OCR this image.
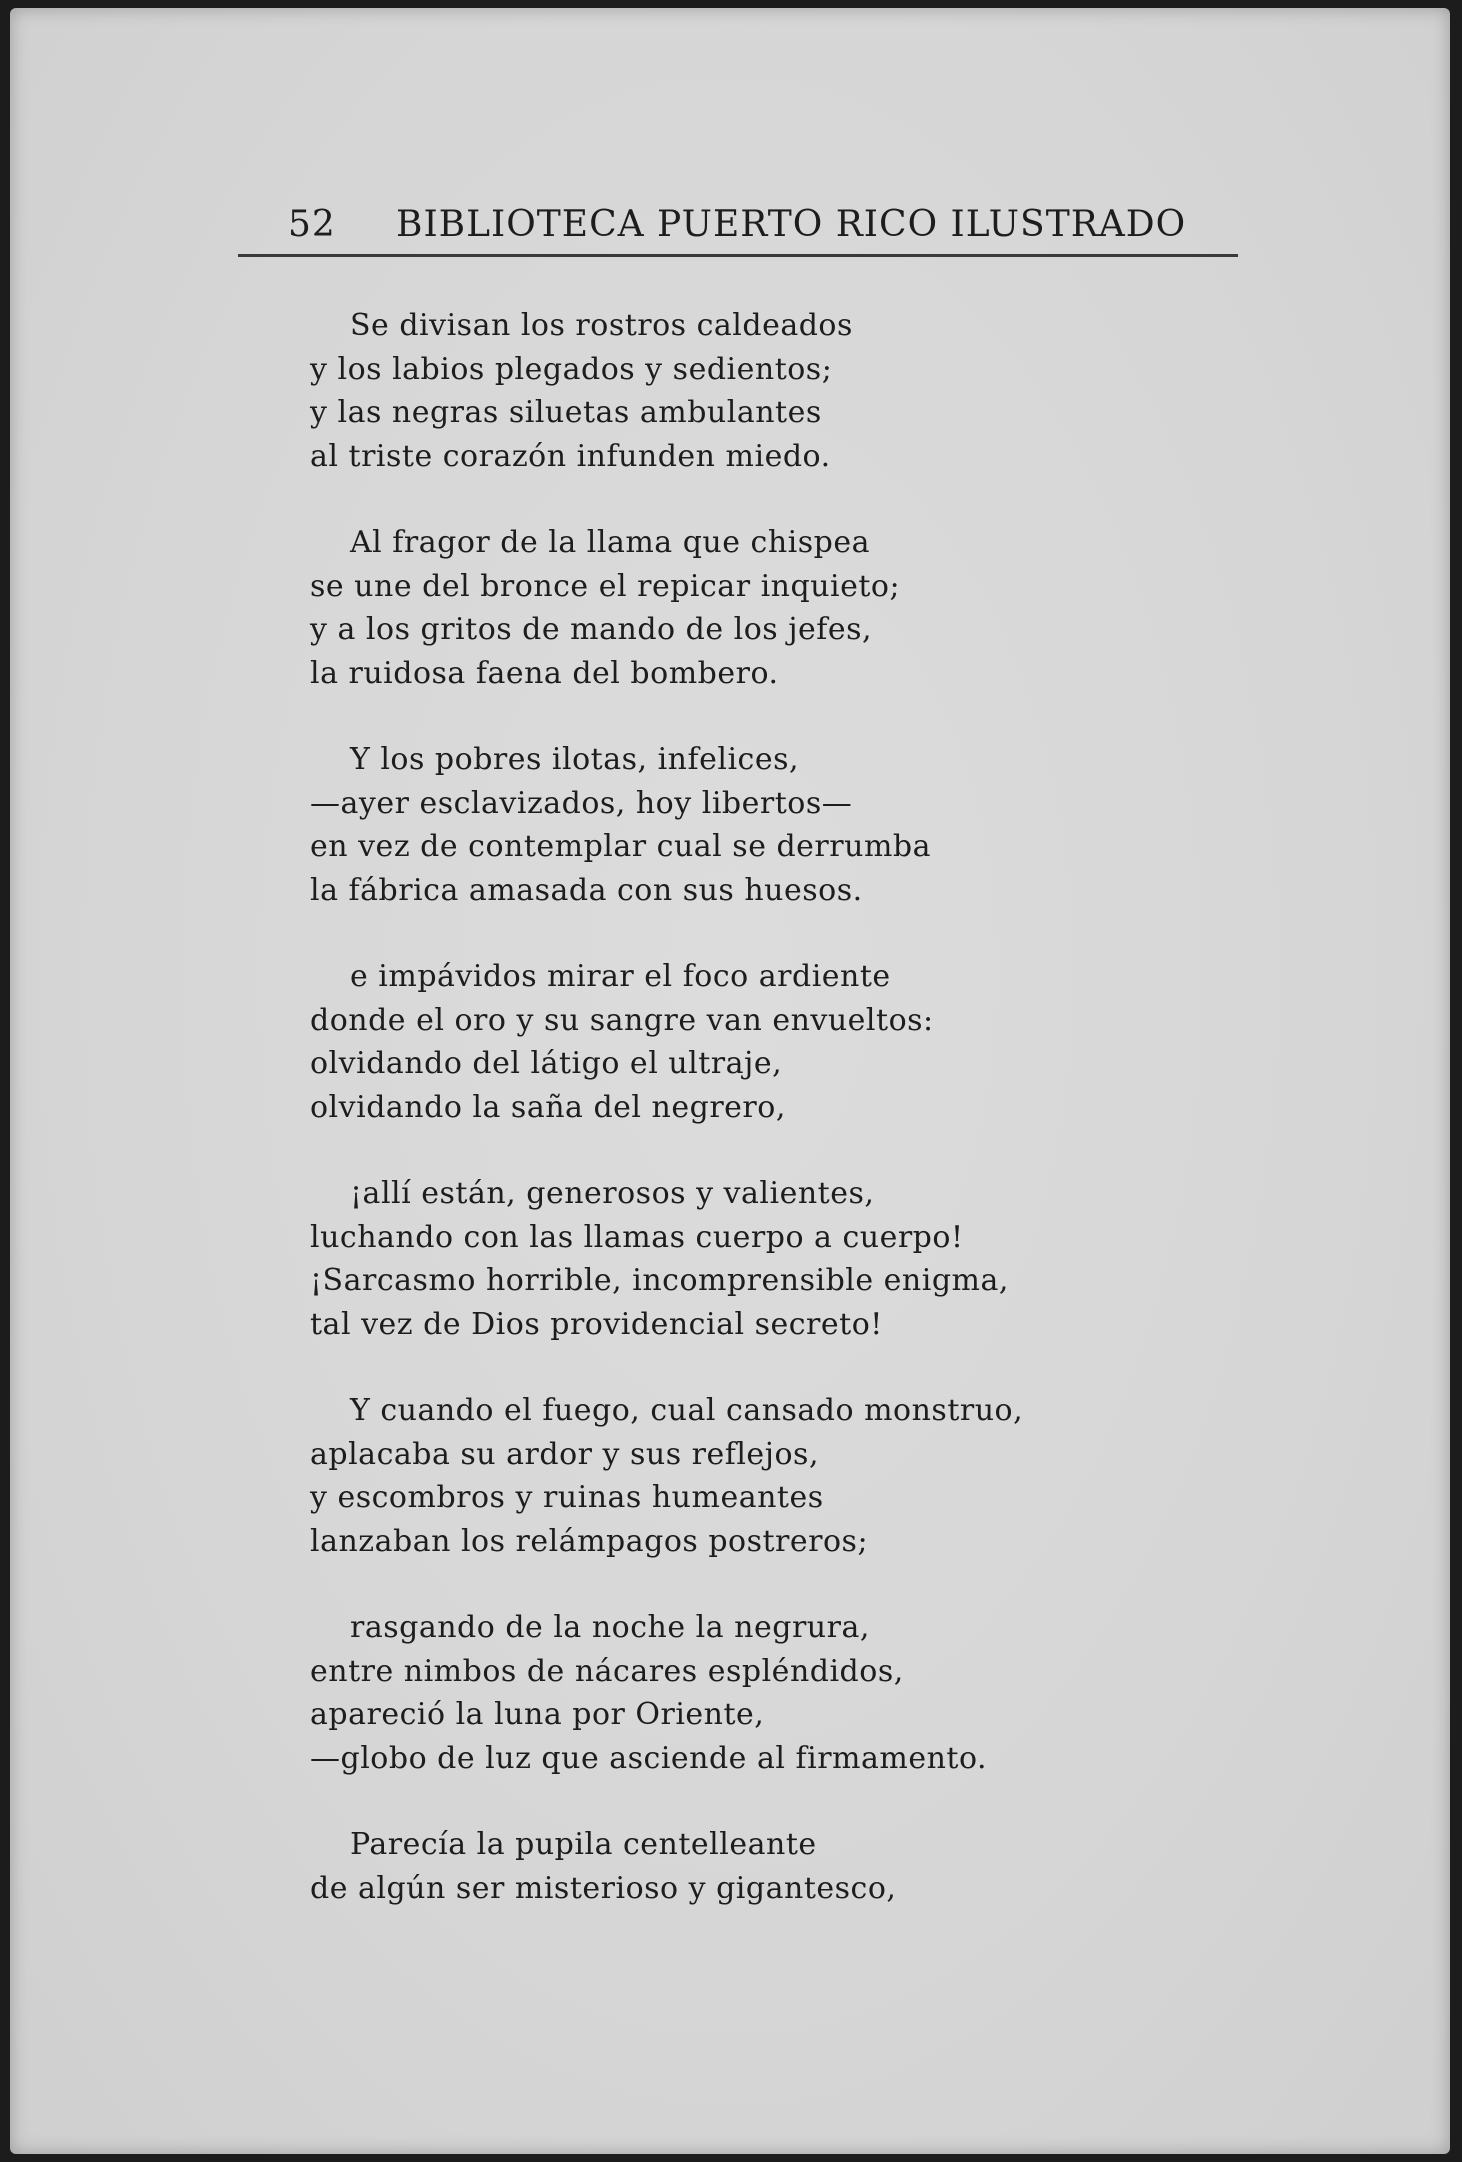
52 BIBLIOTECA PUERTO RICO ILUSTRADO
Se divisan los rostros caldeados
y los labios plegados y sedientos;
y las negras siluetas ambulantes
al triste corazón infunden miedo.
Al fragor de la llama que chispea
se une del bronce el repicar inquieto;
y a los gritos de mando de los jefes,
la ruidosa faena del bombero.
Y los pobres ilotas, infelices,
—ayer esclavizados, hoy libertos—
en vez de contemplar cual se derrumba
la fábrica amasada con sus huesos.
e impávidos mirar el foco ardiente
donde el oro y su sangre van envueltos:
olvidando del látigo el ultraje,
olvidando la saña del negrero,
¡allí están, generosos y valientes,
luchando con las llamas cuerpo a cuerpo!
¡Sarcasmo horrible, incomprensible enigma,
tal vez de Dios providencial secreto!
Y cuando el fuego, cual cansado monstruo,
aplacaba su ardor y sus reflejos,
y escombros y ruinas humeantes
lanzaban los relámpagos postreros;
rasgando de la noche la negrura,
entre nimbos de nácares espléndidos,
apareció la luna por Oriente,
—globo de luz que asciende al firmamento.
Parecía la pupila centelleante
de algún ser misterioso y gigantesco,
